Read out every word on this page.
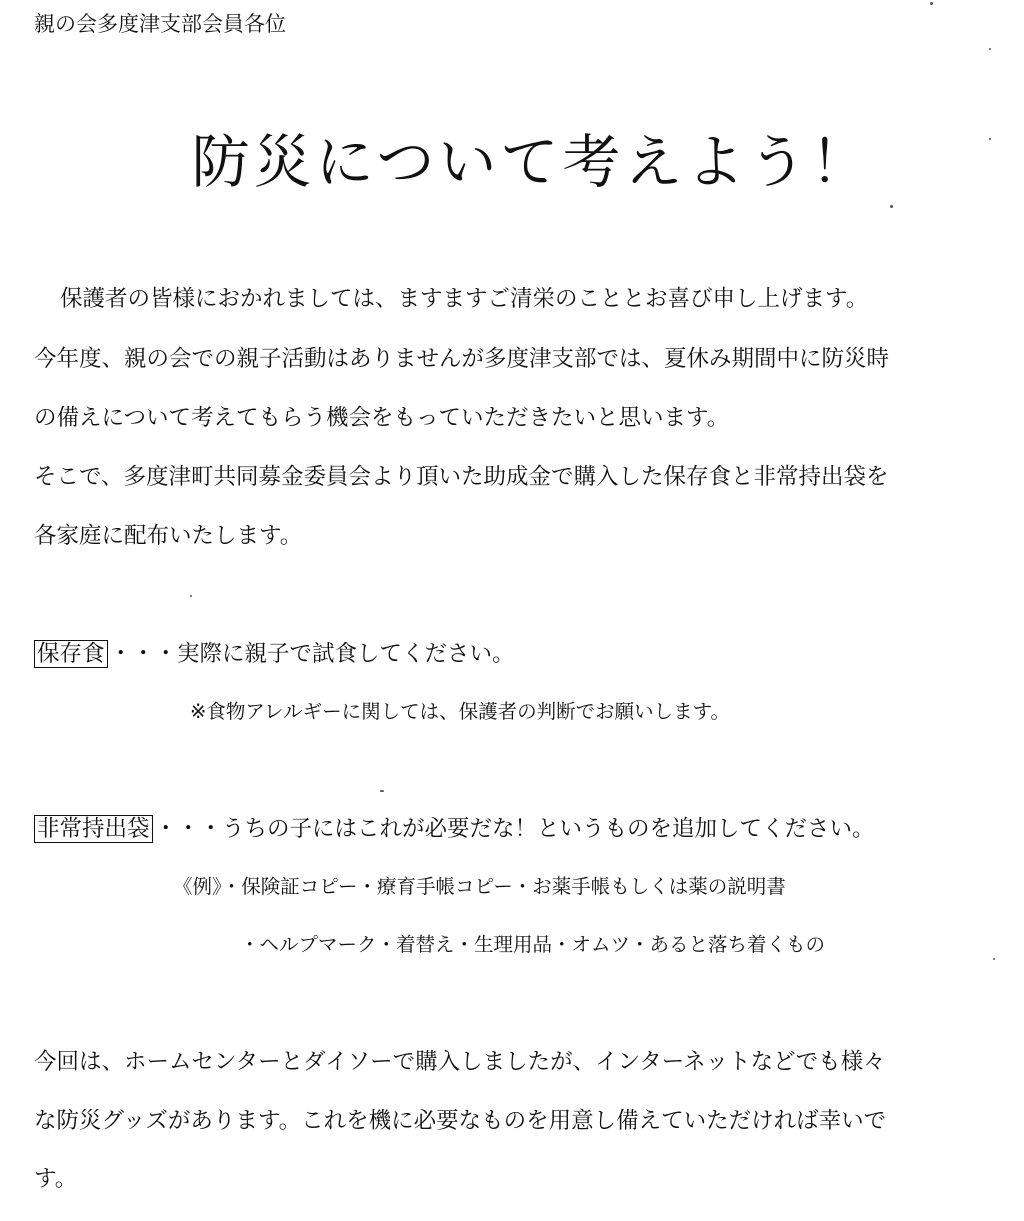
親の会多度津支部会員各位
防災について考えよう！
保護者の皆様におかれましては、ますますご清栄のこととお喜び申し上げます。
今年度、親の会での親子活動はありませんが多度津支部では、夏休み期間中に防災時
の備えについて考えてもらう機会をもっていただきたいと思います。
そこで、多度津町共同募金委員会より頂いた助成金で購入した保存食と非常持出袋を
各家庭に配布いたします。
保存食 ・・・実際に親子で試食してください。
※食物アレルギーに関しては、保護者の判断でお願いします。
非常持出袋 ・・・うちの子にはこれが必要だな！というものを追加してください。
《例》・保険証コピー・療育手帳コピー・お薬手帳もしくは薬の説明書
・ヘルプマーク・着替え・生理用品・オムツ・あると落ち着くもの
今回は、ホームセンターとダイソーで購入しましたが、インターネットなどでも様々
な防災グッズがあります。これを機に必要なものを用意し備えていただければ幸いで
す。
